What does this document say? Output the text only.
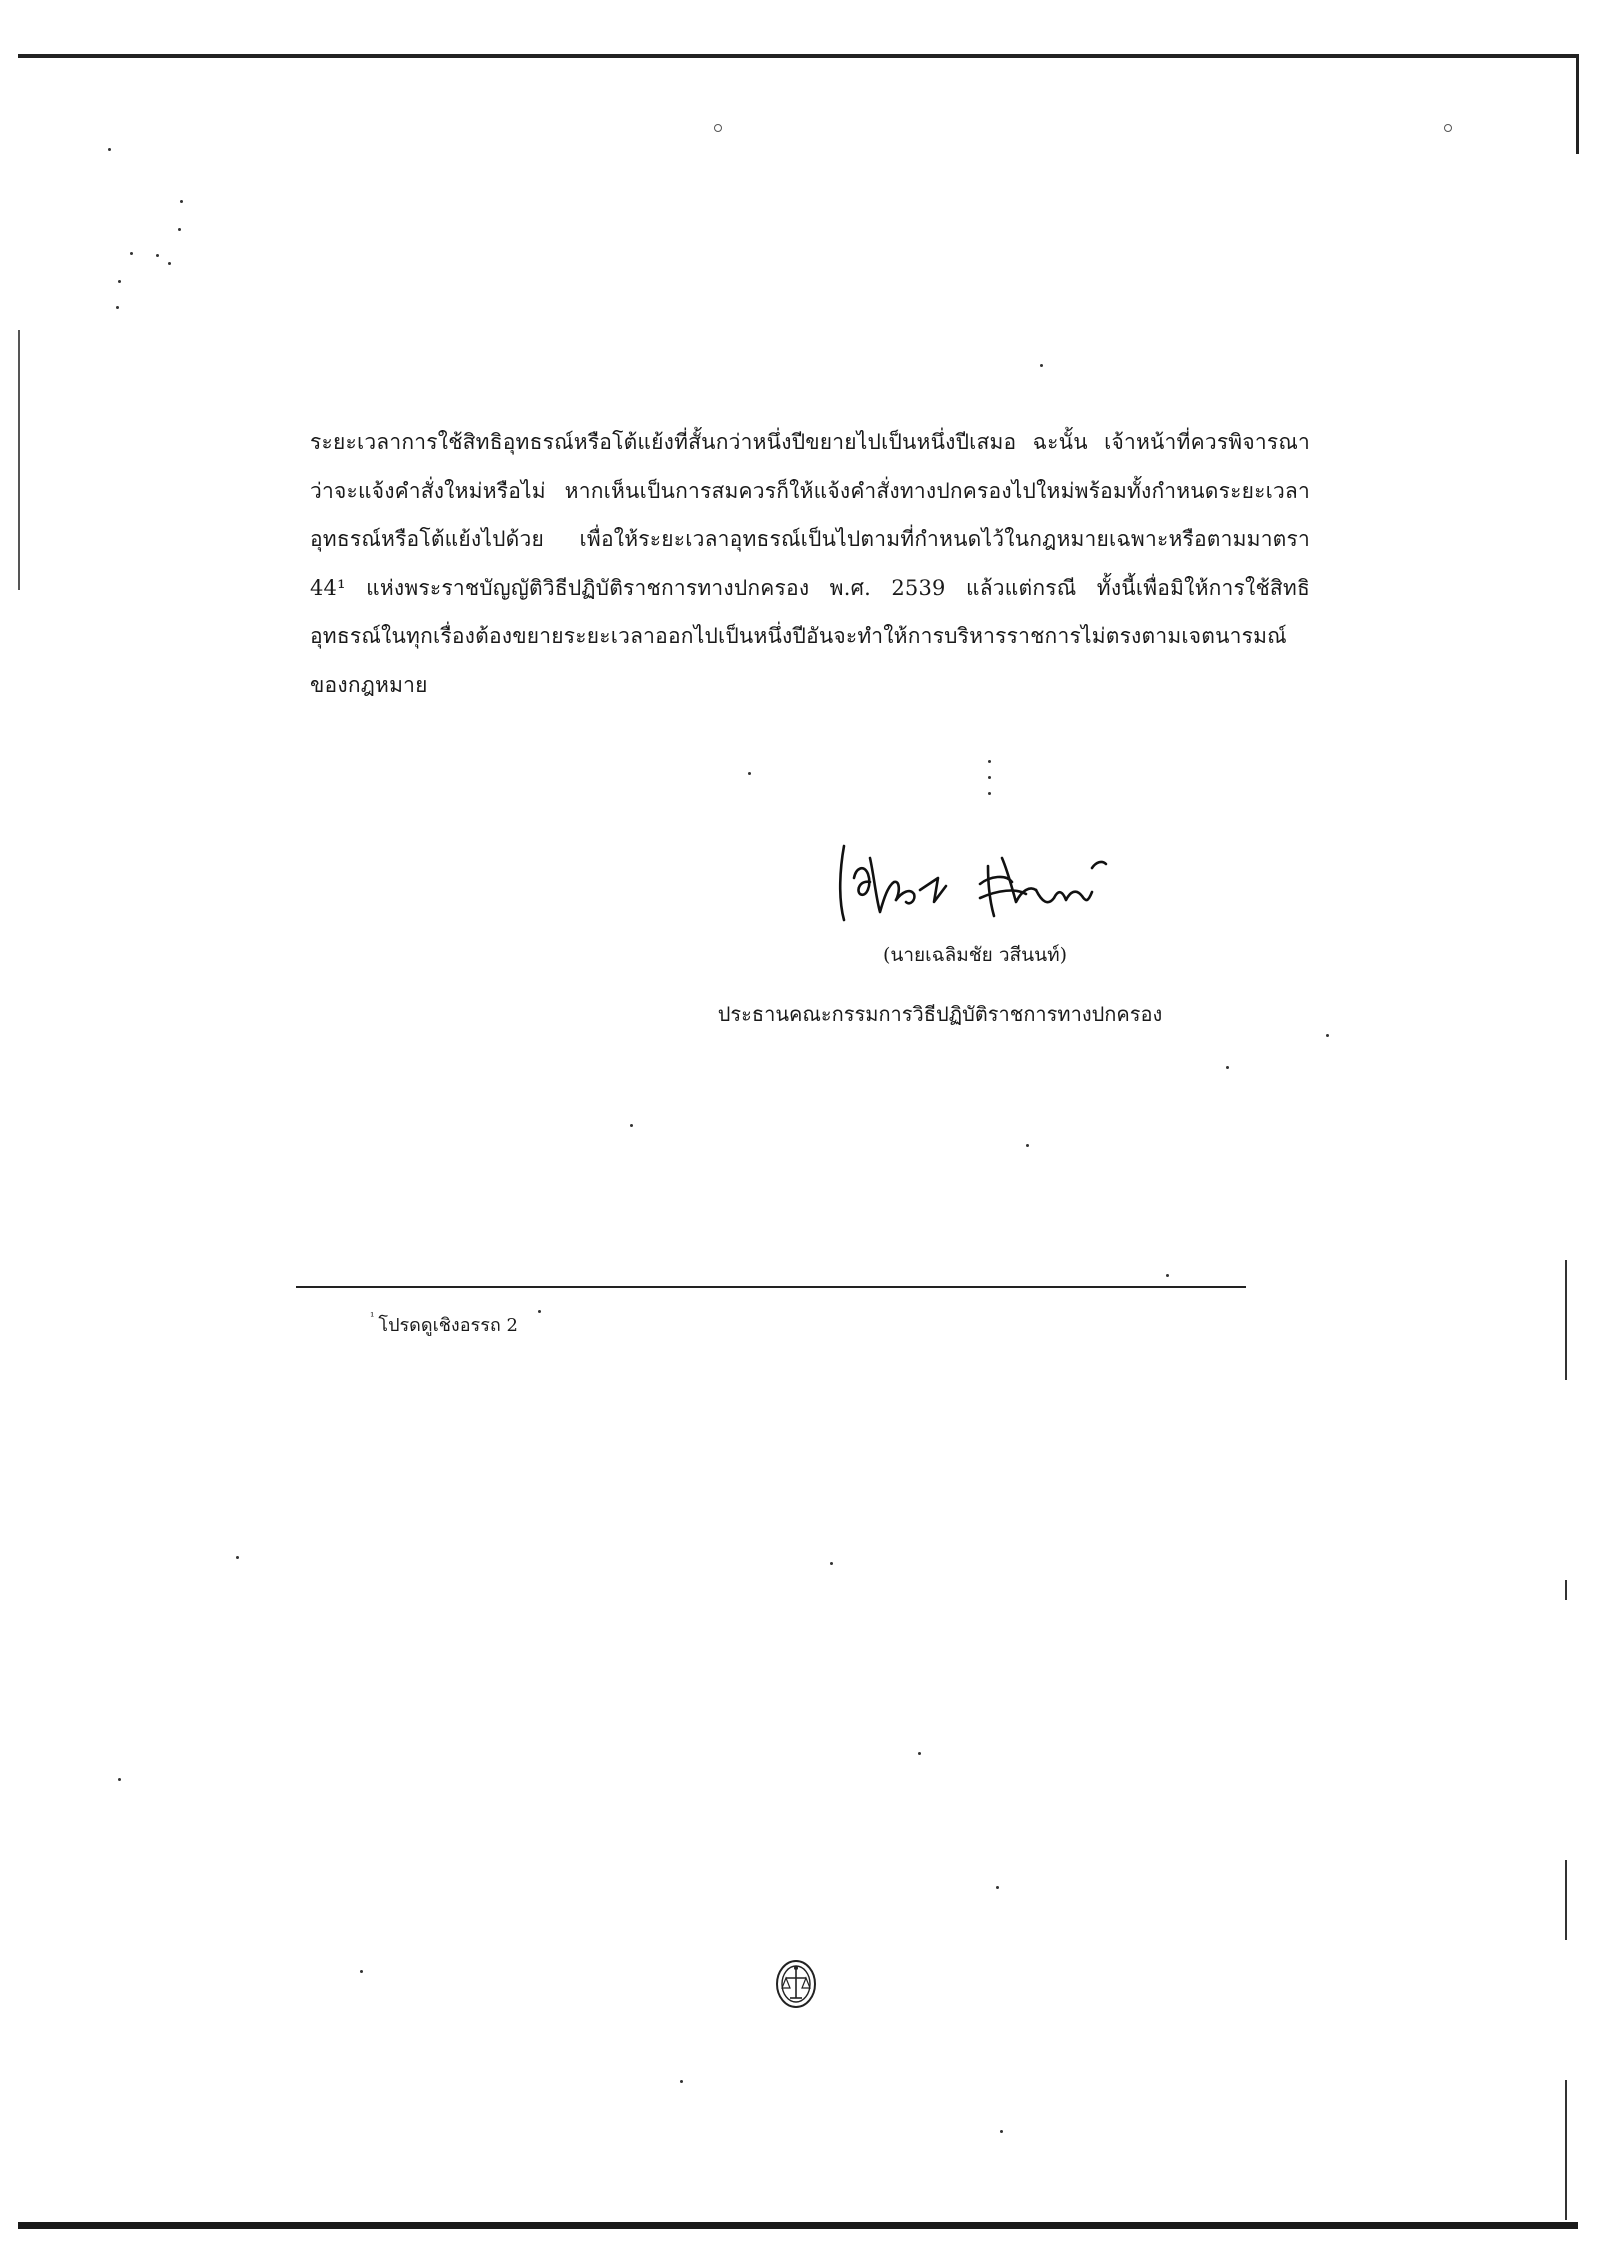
ระยะเวลาการใช้สิทธิอุทธรณ์หรือโต้แย้งที่สั้นกว่าหนึ่งปีขยายไปเป็นหนึ่งปีเสมอ ฉะนั้น เจ้าหน้าที่ควรพิจารณาว่าจะแจ้งคำสั่งใหม่หรือไม่ หากเห็นเป็นการสมควรก็ให้แจ้งคำสั่งทางปกครองไปใหม่พร้อมทั้งกำหนดระยะเวลาอุทธรณ์หรือโต้แย้งไปด้วย เพื่อให้ระยะเวลาอุทธรณ์เป็นไปตามที่กำหนดไว้ในกฎหมายเฉพาะหรือตามมาตรา 44¹ แห่งพระราชบัญญัติวิธีปฏิบัติราชการทางปกครอง พ.ศ. 2539 แล้วแต่กรณี ทั้งนี้เพื่อมิให้การใช้สิทธิอุทธรณ์ในทุกเรื่องต้องขยายระยะเวลาออกไปเป็นหนึ่งปีอันจะทำให้การบริหารราชการไม่ตรงตามเจตนารมณ์ของกฎหมาย

(นายเฉลิมชัย วสีนนท์)
ประธานคณะกรรมการวิธีปฏิบัติราชการทางปกครอง
$^{^1}$ โปรดดูเชิงอรรถ 2
